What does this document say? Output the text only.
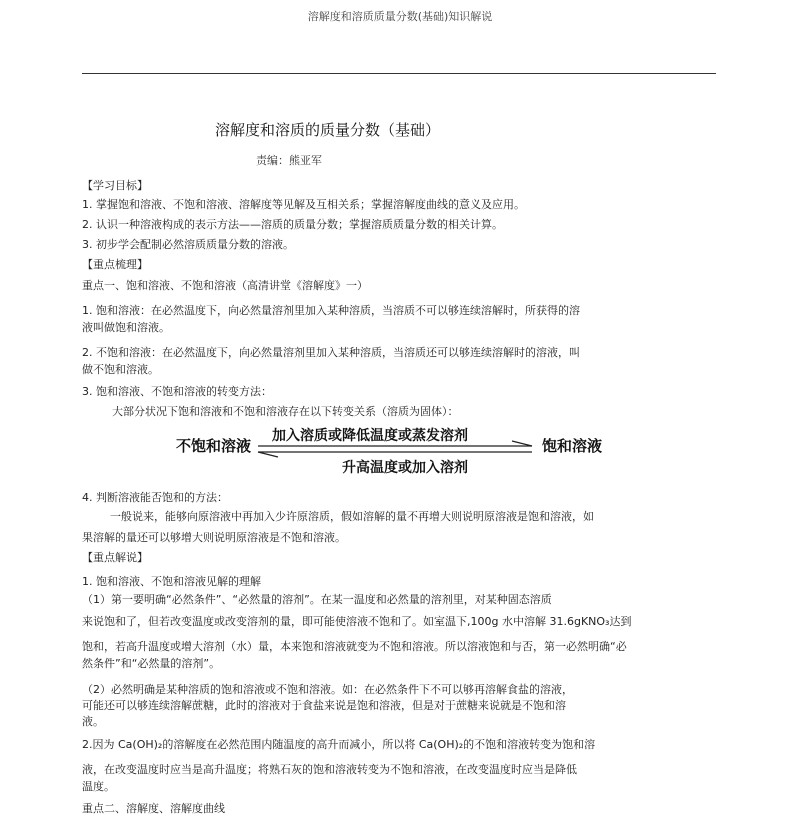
溶解度和溶质质量分数(基础)知识解说
溶解度和溶质的质量分数（基础）
责编：熊亚军
【学习目标】
1. 掌握饱和溶液、不饱和溶液、溶解度等见解及互相关系；掌握溶解度曲线的意义及应用。
2. 认识一种溶液构成的表示方法——溶质的质量分数；掌握溶质质量分数的相关计算。
3. 初步学会配制必然溶质质量分数的溶液。
【重点梳理】
重点一、饱和溶液、不饱和溶液（高清讲堂《溶解度》一）
1. 饱和溶液：在必然温度下，向必然量溶剂里加入某种溶质，当溶质不可以够连续溶解时，所获得的溶
液叫做饱和溶液。
2. 不饱和溶液：在必然温度下，向必然量溶剂里加入某种溶质，当溶质还可以够连续溶解时的溶液，叫
做不饱和溶液。
3. 饱和溶液、不饱和溶液的转变方法：
大部分状况下饱和溶液和不饱和溶液存在以下转变关系（溶质为固体）：
不饱和溶液
加入溶质或降低温度或蒸发溶剂
升高温度或加入溶剂
饱和溶液
4. 判断溶液能否饱和的方法：
一般说来，能够向原溶液中再加入少许原溶质，假如溶解的量不再增大则说明原溶液是饱和溶液，如
果溶解的量还可以够增大则说明原溶液是不饱和溶液。
【重点解说】
1. 饱和溶液、不饱和溶液见解的理解
（1）第一要明确“必然条件”、“必然量的溶剂”。在某一温度和必然量的溶剂里，对某种固态溶质
来说饱和了，但若改变温度或改变溶剂的量，即可能使溶液不饱和了。如室温下,100g 水中溶解 31.6gKNO₃达到
饱和，若高升温度或增大溶剂（水）量，本来饱和溶液就变为不饱和溶液。所以溶液饱和与否，第一必然明确“必
然条件”和“必然量的溶剂”。
（2）必然明确是某种溶质的饱和溶液或不饱和溶液。如：在必然条件下不可以够再溶解食盐的溶液，
可能还可以够连续溶解蔗糖，此时的溶液对于食盐来说是饱和溶液，但是对于蔗糖来说就是不饱和溶
液。
2.因为 Ca(OH)₂的溶解度在必然范围内随温度的高升而减小，所以将 Ca(OH)₂的不饱和溶液转变为饱和溶
液，在改变温度时应当是高升温度；将熟石灰的饱和溶液转变为不饱和溶液，在改变温度时应当是降低
温度。
重点二、溶解度、溶解度曲线
